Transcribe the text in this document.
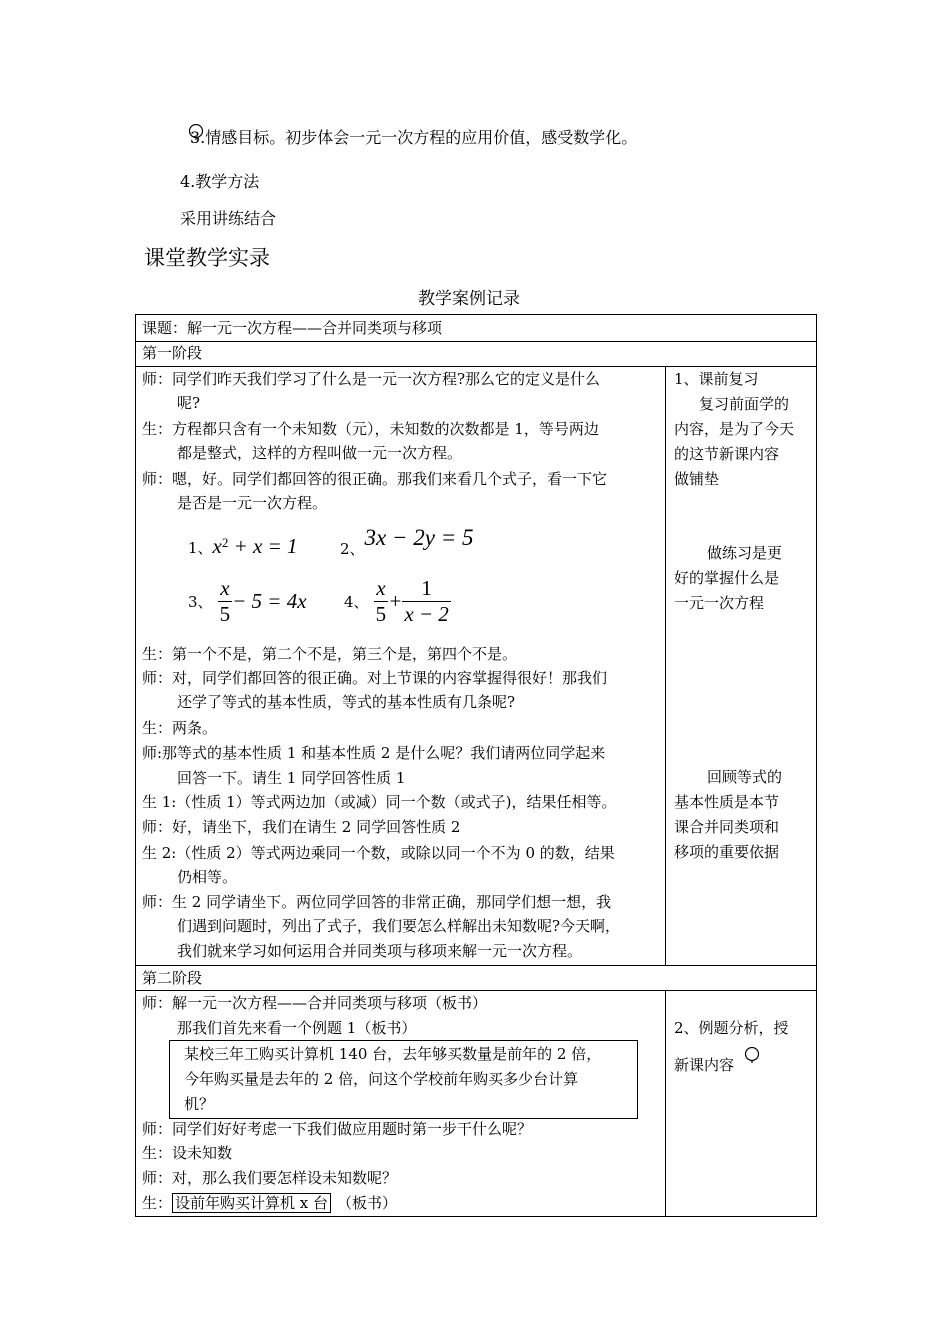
3.情感目标。初步体会一元一次方程的应用价值，感受数学化。
4.教学方法
采用讲练结合
课堂教学实录
教学案例记录
课题：解一元一次方程——合并同类项与移项
第一阶段
师：同学们昨天我们学习了什么是一元一次方程?那么它的定义是什么
呢?
生：方程都只含有一个未知数（元），未知数的次数都是 1，等号两边
都是整式，这样的方程叫做一元一次方程。
师：嗯，好。同学们都回答的很正确。那我们来看几个式子，看一下它
是否是一元一次方程。
1、$x^2 + x = 1$	2、3x − 2y = 5
3、 $\frac{x}{5} - 5 = 4x$ 4、 $\frac{x}{5} + \frac{1}{x - 2}$
生：第一个不是，第二个不是，第三个是，第四个不是。
师：对，同学们都回答的很正确。对上节课的内容掌握得很好！那我们
还学了等式的基本性质，等式的基本性质有几条呢?
生：两条。
师:那等式的基本性质 1 和基本性质 2 是什么呢？我们请两位同学起来
回答一下。请生 1 同学回答性质 1
生 1:（性质 1）等式两边加（或减）同一个数（或式子)，结果任相等。
师：好，请坐下，我们在请生 2 同学回答性质 2
生 2:（性质 2）等式两边乘同一个数，或除以同一个不为 0 的数，结果
仍相等。
师：生 2 同学请坐下。两位同学回答的非常正确，那同学们想一想，我
们遇到问题时，列出了式子，我们要怎么样解出未知数呢?今天啊，
我们就来学习如何运用合并同类项与移项来解一元一次方程。
1、课前复习
复习前面学的
内容，是为了今天
的这节新课内容
做铺垫
做练习是更
好的掌握什么是
一元一次方程
回顾等式的
基本性质是本节
课合并同类项和
移项的重要依据
第二阶段
师：解一元一次方程——合并同类项与移项（板书）
那我们首先来看一个例题 1（板书）
某校三年工购买计算机 140 台，去年够买数量是前年的 2 倍，
今年购买量是去年的 2 倍，问这个学校前年购买多少台计算
机？
师：同学们好好考虑一下我们做应用题时第一步干什么呢？
生：设未知数
师：对，那么我们要怎样设未知数呢？
生： 设前年购买计算机 x 台 （板书）
2、例题分析，授
新课内容
